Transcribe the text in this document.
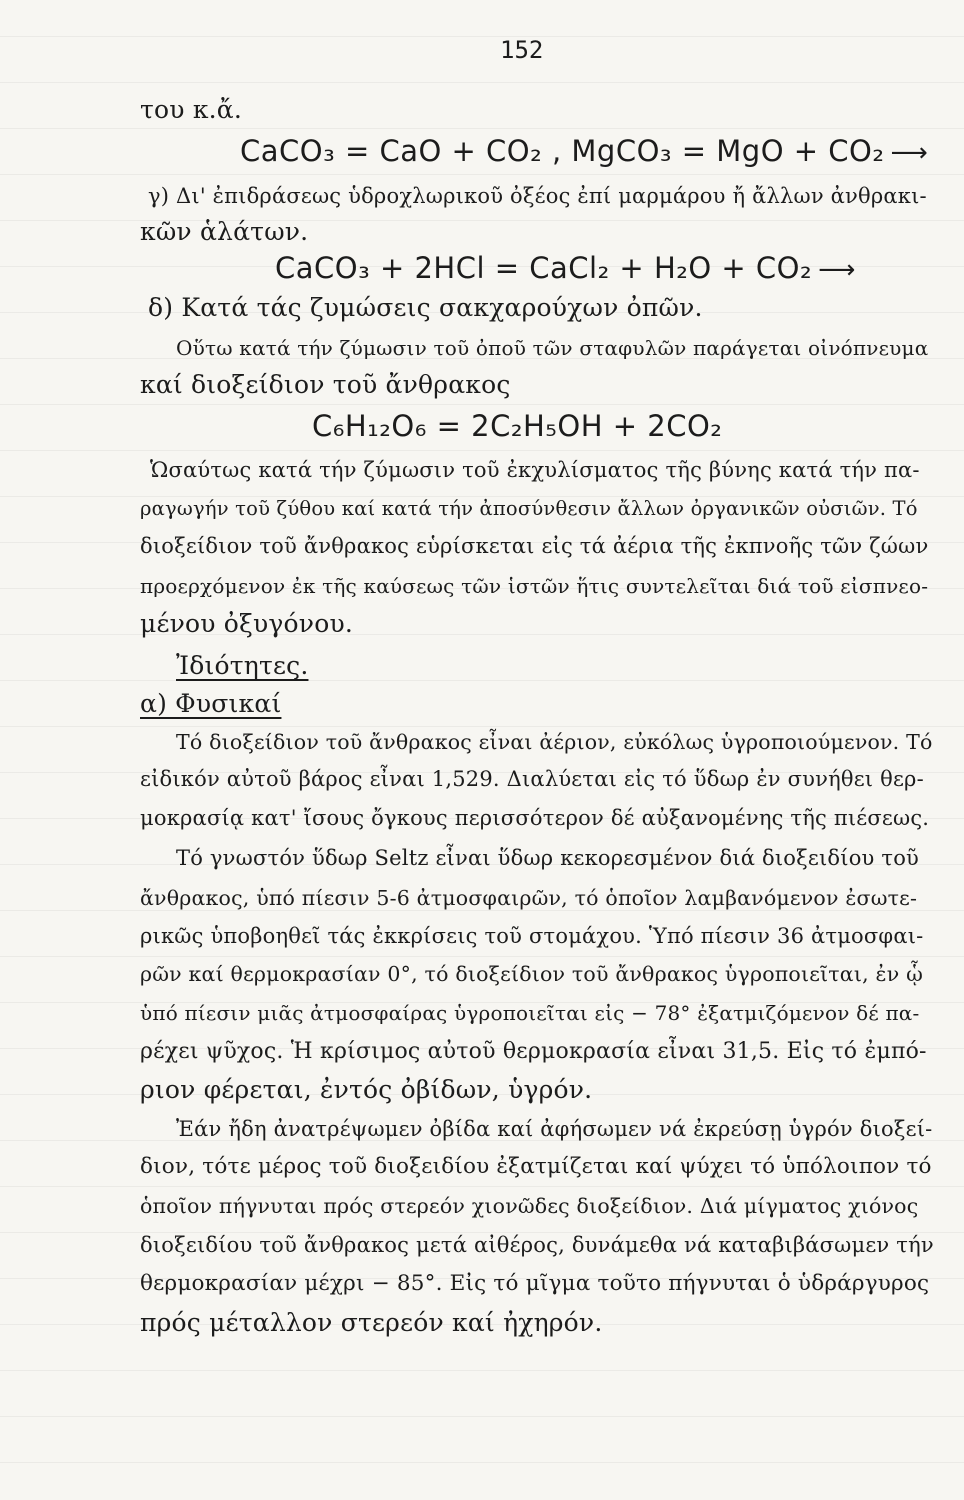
152
του κ.ἄ.
CaCO₃ = CaO + CO₂ , MgCO₃ = MgO + CO₂ ⟶
γ) Δι' ἐπιδράσεως ὑδροχλωρικοῦ ὀξέος ἐπί μαρμάρου ἤ ἄλλων ἀνθρακι-
κῶν ἁλάτων.
CaCO₃ + 2HCl = CaCl₂ + H₂O + CO₂ ⟶
δ) Κατά τάς ζυμώσεις σακχαρούχων ὀπῶν.
Οὕτω κατά τήν ζύμωσιν τοῦ ὀποῦ τῶν σταφυλῶν παράγεται οἰνόπνευμα
καί διοξείδιον τοῦ ἄνθρακος
C₆H₁₂O₆ = 2C₂H₅OH + 2CO₂
Ὡσαύτως κατά τήν ζύμωσιν τοῦ ἐκχυλίσματος τῆς βύνης κατά τήν πα-
ραγωγήν τοῦ ζύθου καί κατά τήν ἀποσύνθεσιν ἄλλων ὀργανικῶν οὐσιῶν. Τό
διοξείδιον τοῦ ἄνθρακος εὑρίσκεται εἰς τά ἀέρια τῆς ἐκπνοῆς τῶν ζώων
προερχόμενον ἐκ τῆς καύσεως τῶν ἱστῶν ἥτις συντελεῖται διά τοῦ εἰσπνεο-
μένου ὀξυγόνου.
Ἰδιότητες.
α) Φυσικαί
Τό διοξείδιον τοῦ ἄνθρακος εἶναι ἀέριον, εὐκόλως ὑγροποιούμενον. Τό
εἰδικόν αὐτοῦ βάρος εἶναι 1,529. Διαλύεται εἰς τό ὕδωρ ἐν συνήθει θερ-
μοκρασίᾳ κατ' ἴσους ὄγκους περισσότερον δέ αὐξανομένης τῆς πιέσεως.
Τό γνωστόν ὕδωρ Seltz εἶναι ὕδωρ κεκορεσμένον διά διοξειδίου τοῦ
ἄνθρακος, ὑπό πίεσιν 5-6 ἀτμοσφαιρῶν, τό ὁποῖον λαμβανόμενον ἐσωτε-
ρικῶς ὑποβοηθεῖ τάς ἐκκρίσεις τοῦ στομάχου. Ὑπό πίεσιν 36 ἀτμοσφαι-
ρῶν καί θερμοκρασίαν 0°, τό διοξείδιον τοῦ ἄνθρακος ὑγροποιεῖται, ἐν ᾧ
ὑπό πίεσιν μιᾶς ἀτμοσφαίρας ὑγροποιεῖται εἰς − 78° ἐξατμιζόμενον δέ πα-
ρέχει ψῦχος. Ἡ κρίσιμος αὐτοῦ θερμοκρασία εἶναι 31,5. Εἰς τό ἐμπό-
ριον φέρεται, ἐντός ὀβίδων, ὑγρόν.
Ἐάν ἤδη ἀνατρέψωμεν ὀβίδα καί ἀφήσωμεν νά ἐκρεύσῃ ὑγρόν διοξεί-
διον, τότε μέρος τοῦ διοξειδίου ἐξατμίζεται καί ψύχει τό ὑπόλοιπον τό
ὁποῖον πήγνυται πρός στερεόν χιονῶδες διοξείδιον. Διά μίγματος χιόνος
διοξειδίου τοῦ ἄνθρακος μετά αἰθέρος, δυνάμεθα νά καταβιβάσωμεν τήν
θερμοκρασίαν μέχρι − 85°. Εἰς τό μῖγμα τοῦτο πήγνυται ὁ ὑδράργυρος
πρός μέταλλον στερεόν καί ἠχηρόν.
